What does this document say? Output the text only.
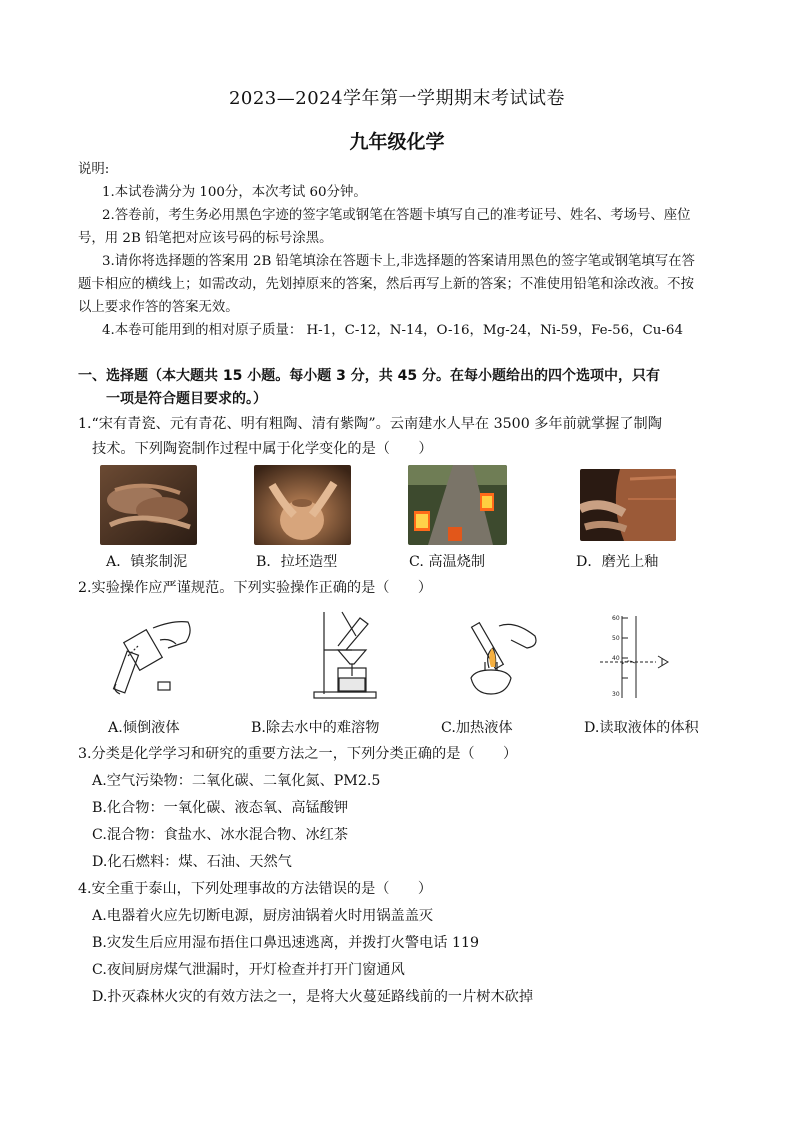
2023—2024学年第一学期期末考试试卷
九年级化学
说明:
1.本试卷满分为 100分，本次考试 60分钟。
2.答卷前，考生务必用黑色字迹的签字笔或钢笔在答题卡填写自己的准考证号、姓名、考场号、座位
号，用 2B 铅笔把对应该号码的标号涂黑。
3.请你将选择题的答案用 2B 铅笔填涂在答题卡上,非选择题的答案请用黑色的签字笔或钢笔填写在答
题卡相应的横线上；如需改动，先划掉原来的答案，然后再写上新的答案；不准使用铅笔和涂改液。不按
以上要求作答的答案无效。
4.本卷可能用到的相对原子质量： H-1，C-12，N-14，O-16，Mg-24，Ni-59，Fe-56，Cu-64
一、选择题（本大题共 15 小题。每小题 3 分，共 45 分。在每小题给出的四个选项中，只有
一项是符合题目要求的。）
1.“宋有青瓷、元有青花、明有粗陶、清有紫陶”。云南建水人早在 3500 多年前就掌握了制陶
技术。下列陶瓷制作过程中属于化学变化的是（　　）
A．镇浆制泥	B．拉坯造型	C. 高温烧制	D．磨光上釉
2.实验操作应严谨规范。下列实验操作正确的是（　　）
60
50
40
30
A.倾倒液体	B.除去水中的难溶物	C.加热液体	D.读取液体的体积
3.分类是化学学习和研究的重要方法之一，下列分类正确的是（　　）
A.空气污染物：二氧化碳、二氧化氮、PM2.5
B.化合物：一氧化碳、液态氧、高锰酸钾
C.混合物：食盐水、冰水混合物、冰红茶
D.化石燃料：煤、石油、天然气
4.安全重于泰山，下列处理事故的方法错误的是（　　）
A.电器着火应先切断电源，厨房油锅着火时用锅盖盖灭
B.灾发生后应用湿布捂住口鼻迅速逃离，并拨打火警电话 119
C.夜间厨房煤气泄漏时，开灯检查并打开门窗通风
D.扑灭森林火灾的有效方法之一，是将大火蔓延路线前的一片树木砍掉
